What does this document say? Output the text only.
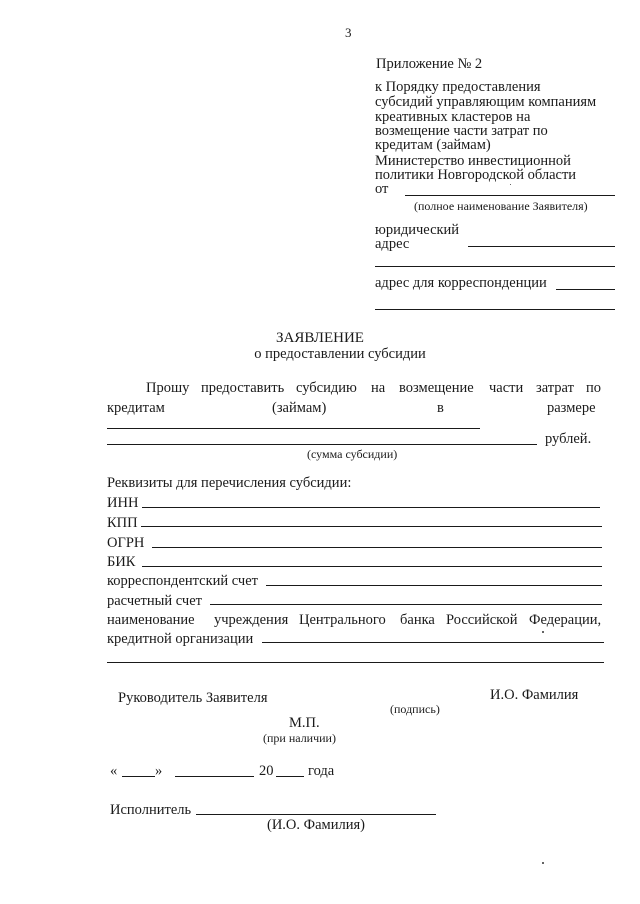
3
Приложение № 2
к Порядку предоставления
субсидий управляющим компаниям
креативных кластеров на
возмещение части затрат по
кредитам (займам)
Министерство инвестиционной
политики Новгородской области
от
(полное наименование Заявителя)
юридический
адрес
адрес для корреспонденции
ЗАЯВЛЕНИЕ
о предоставлении субсидии
Прошу предоставить субсидию на возмещение части затрат по
кредитам	(займам)	в	размере
рублей.
(сумма субсидии)
Реквизиты для перечисления субсидии:
ИНН
КПП
ОГРН
БИК
корреспондентский счет
расчетный счет
наименование учреждения Центрального банка Российской Федерации,
кредитной организации
Руководитель Заявителя	И.О. Фамилия
(подпись)
М.П.
(при наличии)
«	»	20 года
Исполнитель
(И.О. Фамилия)
